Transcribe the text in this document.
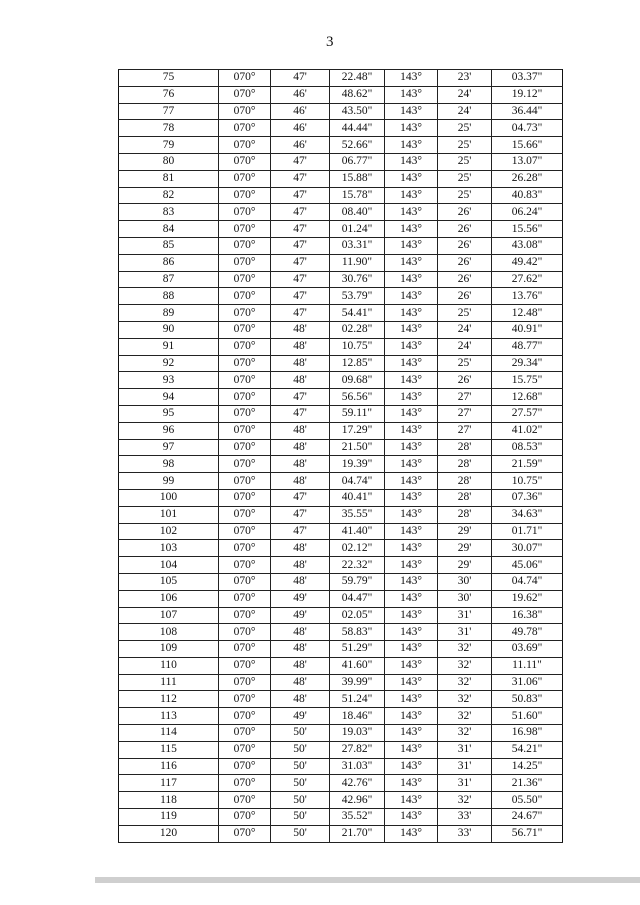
3
75	070°	47'	22.48"	143°	23'	03.37"
76	070°	46'	48.62"	143°	24'	19.12"
77	070°	46'	43.50"	143°	24'	36.44"
78	070°	46'	44.44"	143°	25'	04.73"
79	070°	46'	52.66"	143°	25'	15.66"
80	070°	47'	06.77"	143°	25'	13.07"
81	070°	47'	15.88"	143°	25'	26.28"
82	070°	47'	15.78"	143°	25'	40.83"
83	070°	47'	08.40"	143°	26'	06.24"
84	070°	47'	01.24"	143°	26'	15.56"
85	070°	47'	03.31"	143°	26'	43.08"
86	070°	47'	11.90"	143°	26'	49.42"
87	070°	47'	30.76"	143°	26'	27.62"
88	070°	47'	53.79"	143°	26'	13.76"
89	070°	47'	54.41"	143°	25'	12.48"
90	070°	48'	02.28"	143°	24'	40.91"
91	070°	48'	10.75"	143°	24'	48.77"
92	070°	48'	12.85"	143°	25'	29.34"
93	070°	48'	09.68"	143°	26'	15.75"
94	070°	47'	56.56"	143°	27'	12.68"
95	070°	47'	59.11"	143°	27'	27.57"
96	070°	48'	17.29"	143°	27'	41.02"
97	070°	48'	21.50"	143°	28'	08.53"
98	070°	48'	19.39"	143°	28'	21.59"
99	070°	48'	04.74"	143°	28'	10.75"
100	070°	47'	40.41"	143°	28'	07.36"
101	070°	47'	35.55"	143°	28'	34.63"
102	070°	47'	41.40"	143°	29'	01.71"
103	070°	48'	02.12"	143°	29'	30.07"
104	070°	48'	22.32"	143°	29'	45.06"
105	070°	48'	59.79"	143°	30'	04.74"
106	070°	49'	04.47"	143°	30'	19.62"
107	070°	49'	02.05"	143°	31'	16.38"
108	070°	48'	58.83"	143°	31'	49.78"
109	070°	48'	51.29"	143°	32'	03.69"
110	070°	48'	41.60"	143°	32'	11.11"
111	070°	48'	39.99"	143°	32'	31.06"
112	070°	48'	51.24"	143°	32'	50.83"
113	070°	49'	18.46"	143°	32'	51.60"
114	070°	50'	19.03"	143°	32'	16.98"
115	070°	50'	27.82"	143°	31'	54.21"
116	070°	50'	31.03"	143°	31'	14.25"
117	070°	50'	42.76"	143°	31'	21.36"
118	070°	50'	42.96"	143°	32'	05.50"
119	070°	50'	35.52"	143°	33'	24.67"
120	070°	50'	21.70"	143°	33'	56.71"
